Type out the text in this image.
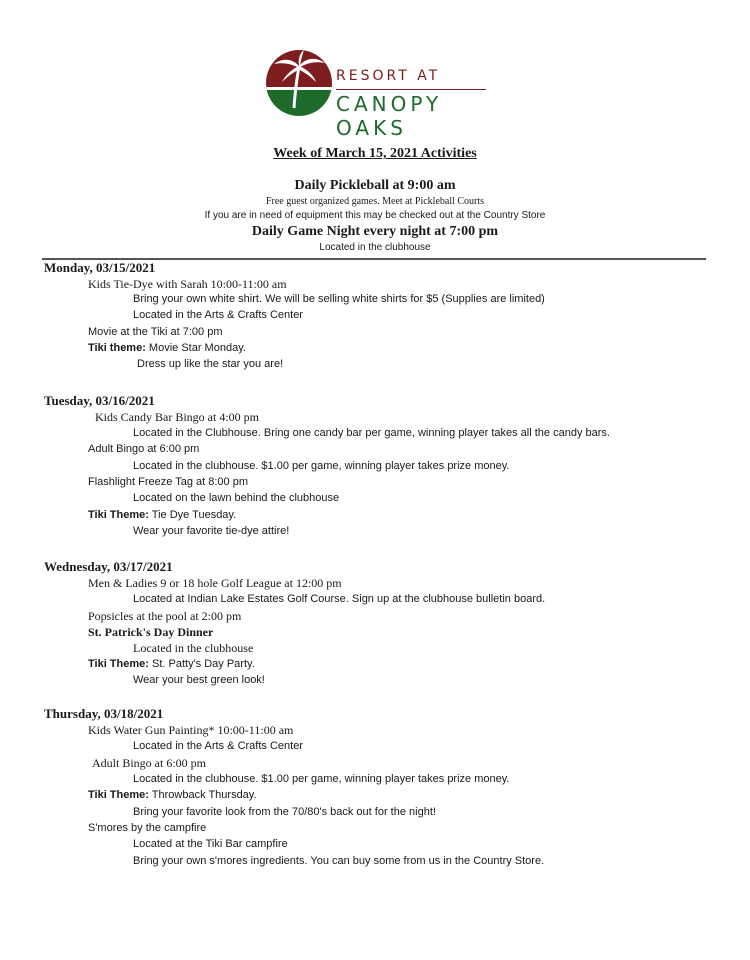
RESORT AT
CANOPY OAKS
Week of March 15, 2021 Activities
Daily Pickleball at 9:00 am
Free guest organized games. Meet at Pickleball Courts
If you are in need of equipment this may be checked out at the Country Store
Daily Game Night every night at 7:00 pm
Located in the clubhouse
Monday, 03/15/2021
Kids Tie-Dye with Sarah 10:00-11:00 am
Bring your own white shirt. We will be selling white shirts for $5 (Supplies are limited)
Located in the Arts & Crafts Center
Movie at the Tiki at 7:00 pm
Tiki theme: Movie Star Monday.
Dress up like the star you are!
Tuesday, 03/16/2021
Kids Candy Bar Bingo at 4:00 pm
Located in the Clubhouse. Bring one candy bar per game, winning player takes all the candy bars.
Adult Bingo at 6:00 pm
Located in the clubhouse. $1.00 per game, winning player takes prize money.
Flashlight Freeze Tag at 8:00 pm
Located on the lawn behind the clubhouse
Tiki Theme: Tie Dye Tuesday.
Wear your favorite tie-dye attire!
Wednesday, 03/17/2021
Men & Ladies 9 or 18 hole Golf League at 12:00 pm
Located at Indian Lake Estates Golf Course. Sign up at the clubhouse bulletin board.
Popsicles at the pool at 2:00 pm
St. Patrick's Day Dinner
Located in the clubhouse
Tiki Theme: St. Patty's Day Party.
Wear your best green look!
Thursday, 03/18/2021
Kids Water Gun Painting* 10:00-11:00 am
Located in the Arts & Crafts Center
Adult Bingo at 6:00 pm
Located in the clubhouse. $1.00 per game, winning player takes prize money.
Tiki Theme: Throwback Thursday.
Bring your favorite look from the 70/80's back out for the night!
S'mores by the campfire
Located at the Tiki Bar campfire
Bring your own s'mores ingredients. You can buy some from us in the Country Store.
